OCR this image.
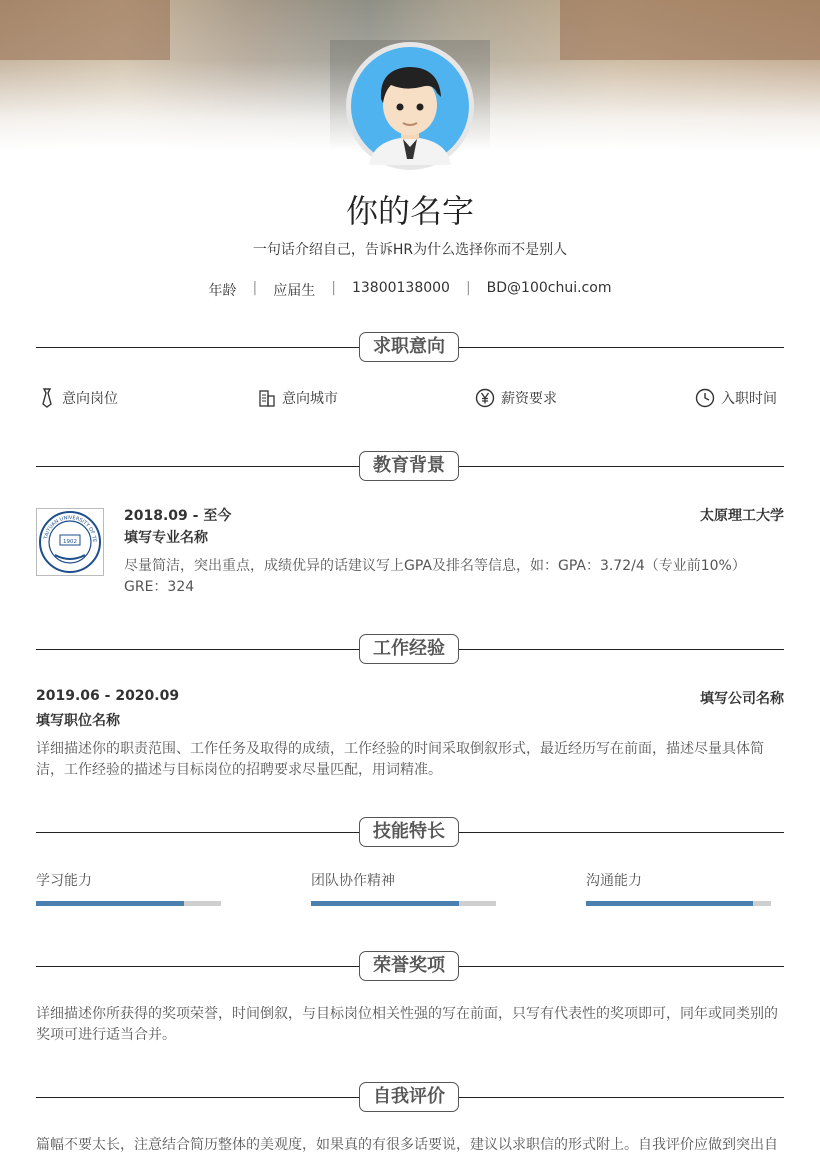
你的名字
一句话介绍自己，告诉HR为什么选择你而不是别人
年龄	|	应届生	|	13800138000	|	BD@100chui.com
求职意向
意向岗位	意向城市	薪资要求	入职时间
教育背景
TAIYUAN UNIVERSITY OF TE
1902
2018.09 - 至今	太原理工大学
填写专业名称
尽量简洁，突出重点，成绩优异的话建议写上GPA及排名等信息，如：GPA：3.72/4（专业前10%） GRE：324
工作经验
2019.06 - 2020.09	填写公司名称
填写职位名称
详细描述你的职责范围、工作任务及取得的成绩，工作经验的时间采取倒叙形式，最近经历写在前面，描述尽量具体简洁，工作经验的描述与目标岗位的招聘要求尽量匹配，用词精准。
技能特长
学习能力	团队协作精神	沟通能力
荣誉奖项
详细描述你所获得的奖项荣誉，时间倒叙，与目标岗位相关性强的写在前面，只写有代表性的奖项即可，同年或同类别的奖项可进行适当合并。
自我评价
篇幅不要太长，注意结合简历整体的美观度，如果真的有很多话要说，建议以求职信的形式附上。自我评价应做到突出自
